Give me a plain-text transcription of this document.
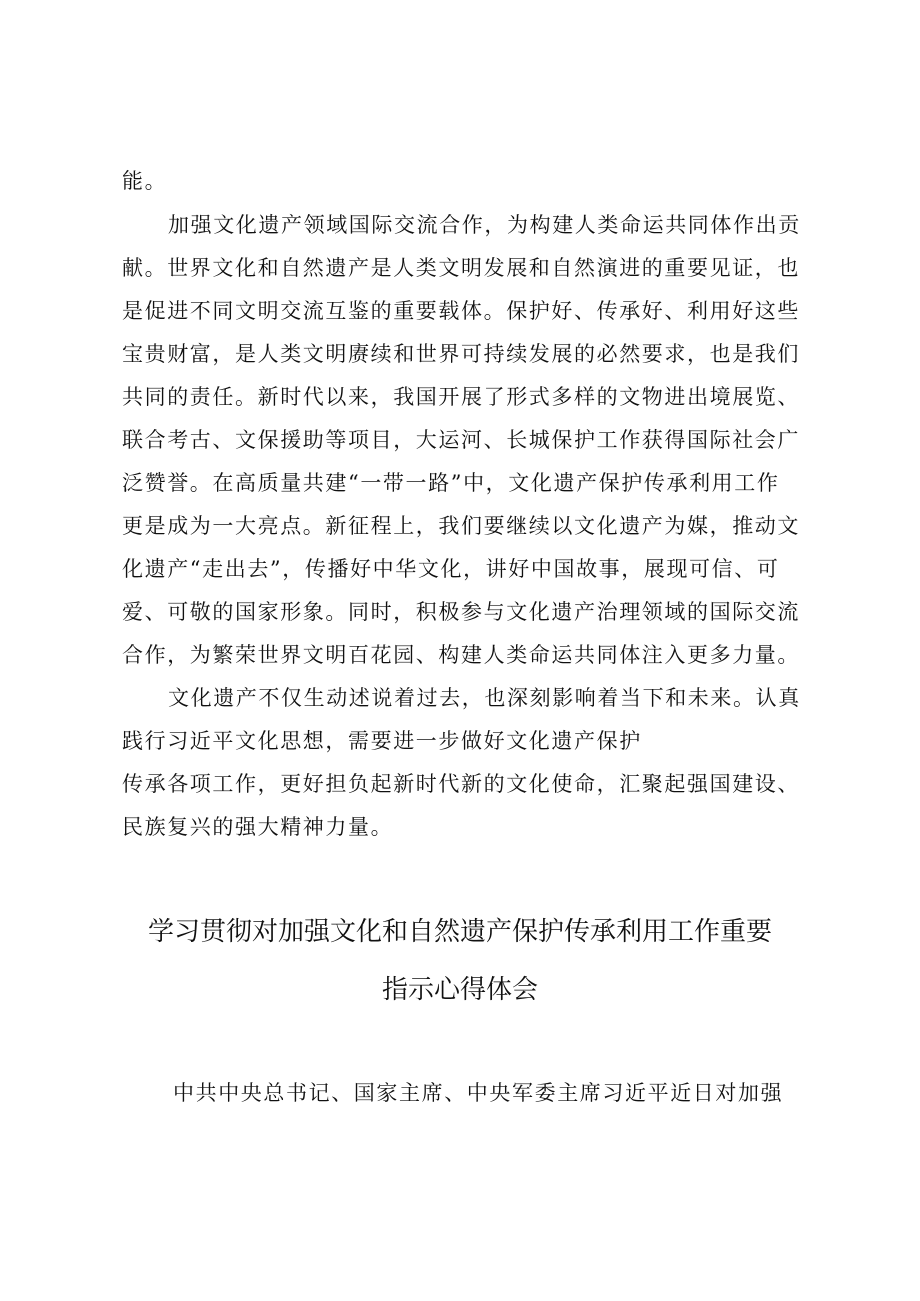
能。
加强文化遗产领域国际交流合作，为构建人类命运共同体作出贡
献。世界文化和自然遗产是人类文明发展和自然演进的重要见证，也
是促进不同文明交流互鉴的重要载体。保护好、传承好、利用好这些
宝贵财富，是人类文明赓续和世界可持续发展的必然要求，也是我们
共同的责任。新时代以来，我国开展了形式多样的文物进出境展览、
联合考古、文保援助等项目，大运河、长城保护工作获得国际社会广
泛赞誉。在高质量共建“一带一路”中，文化遗产保护传承利用工作
更是成为一大亮点。新征程上，我们要继续以文化遗产为媒，推动文
化遗产“走出去”，传播好中华文化，讲好中国故事，展现可信、可
爱、可敬的国家形象。同时，积极参与文化遗产治理领域的国际交流
合作，为繁荣世界文明百花园、构建人类命运共同体注入更多力量。
文化遗产不仅生动述说着过去，也深刻影响着当下和未来。认真
践行习近平文化思想，需要进一步做好文化遗产保护
传承各项工作，更好担负起新时代新的文化使命，汇聚起强国建设、
民族复兴的强大精神力量。
学习贯彻对加强文化和自然遗产保护传承利用工作重要
指示心得体会
中共中央总书记、国家主席、中央军委主席习近平近日对加强
